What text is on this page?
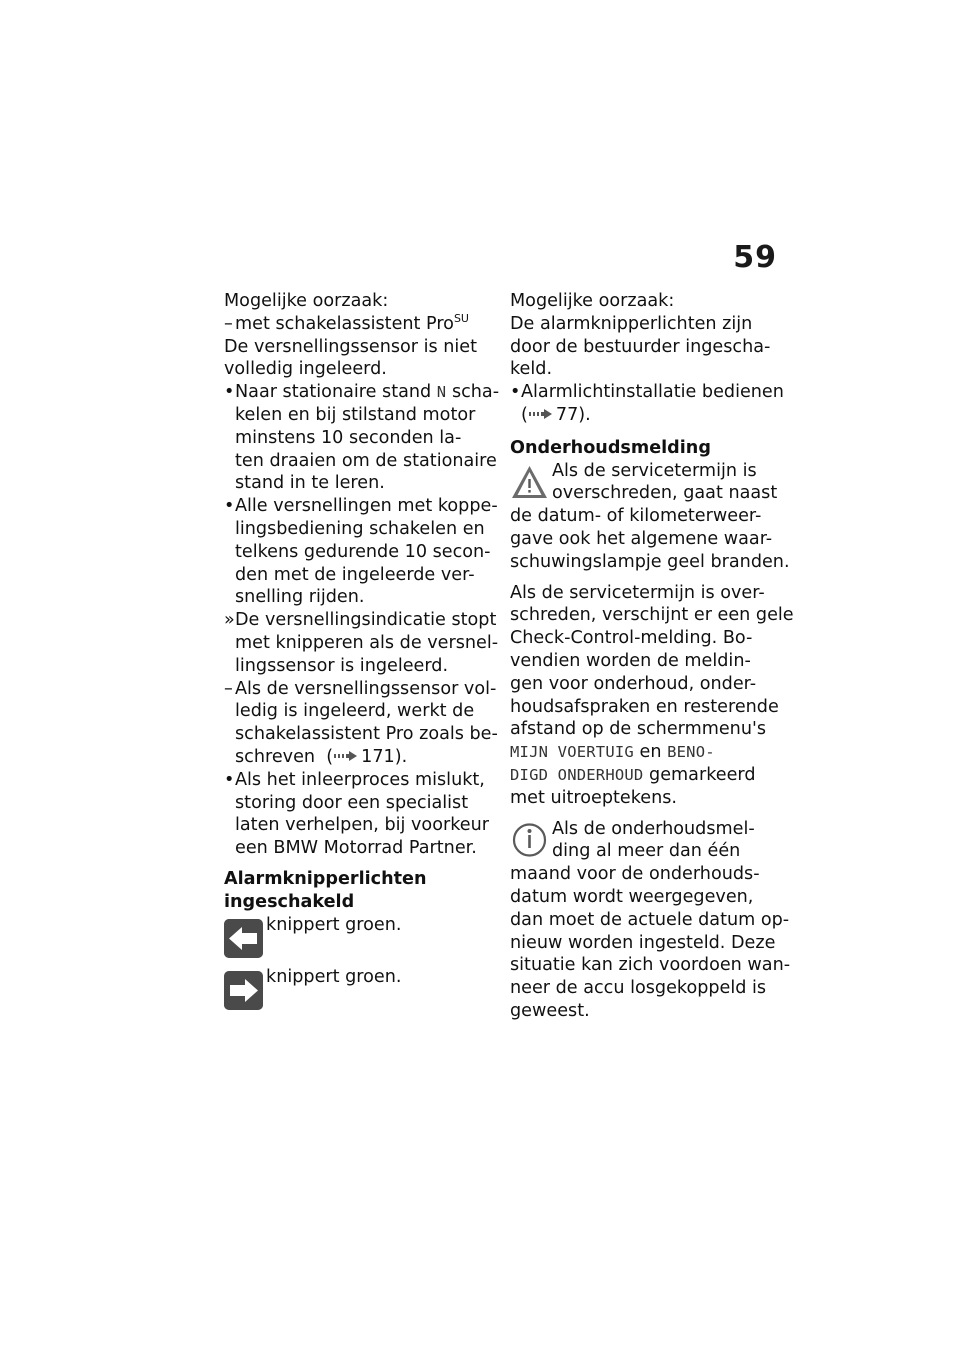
59
Mogelijke oorzaak:
– met schakelassistent Pro$^{SU}$
De versnellingssensor is niet
volledig ingeleerd.
•Naar stationaire stand N scha-
kelen en bij stilstand motor
minstens 10 seconden la-
ten draaien om de stationaire
stand in te leren.
•Alle versnellingen met koppe-
lingsbediening schakelen en
telkens gedurende 10 secon-
den met de ingeleerde ver-
snelling rijden.
»De versnellingsindicatie stopt
met knipperen als de versnel-
lingssensor is ingeleerd.
– Als de versnellingssensor vol-
ledig is ingeleerd, werkt de
schakelassistent Pro zoals be-
schreven  ( 171).
•Als het inleerproces mislukt,
storing door een specialist
laten verhelpen, bij voorkeur
een BMW Motorrad Partner.
Alarmknipperlichten
ingeschakeld
knippert groen.
knippert groen.
Mogelijke oorzaak:
De alarmknipperlichten zijn
door de bestuurder ingescha-
keld.
•Alarmlichtinstallatie bedienen
( 77).
Onderhoudsmelding
Als de servicetermijn is
overschreden, gaat naast
de datum- of kilometerweer-
gave ook het algemene waar-
schuwingslampje geel branden.
Als de servicetermijn is over-
schreden, verschijnt er een gele
Check-Control-melding. Bo-
vendien worden de meldin-
gen voor onderhoud, onder-
houdsafspraken en resterende
afstand op de schermmenu's
MIJN VOERTUIG en BENO-
DIGD ONDERHOUD gemarkeerd
met uitroeptekens.
Als de onderhoudsmel-
ding al meer dan één
maand voor de onderhouds-
datum wordt weergegeven,
dan moet de actuele datum op-
nieuw worden ingesteld. Deze
situatie kan zich voordoen wan-
neer de accu losgekoppeld is
geweest.
